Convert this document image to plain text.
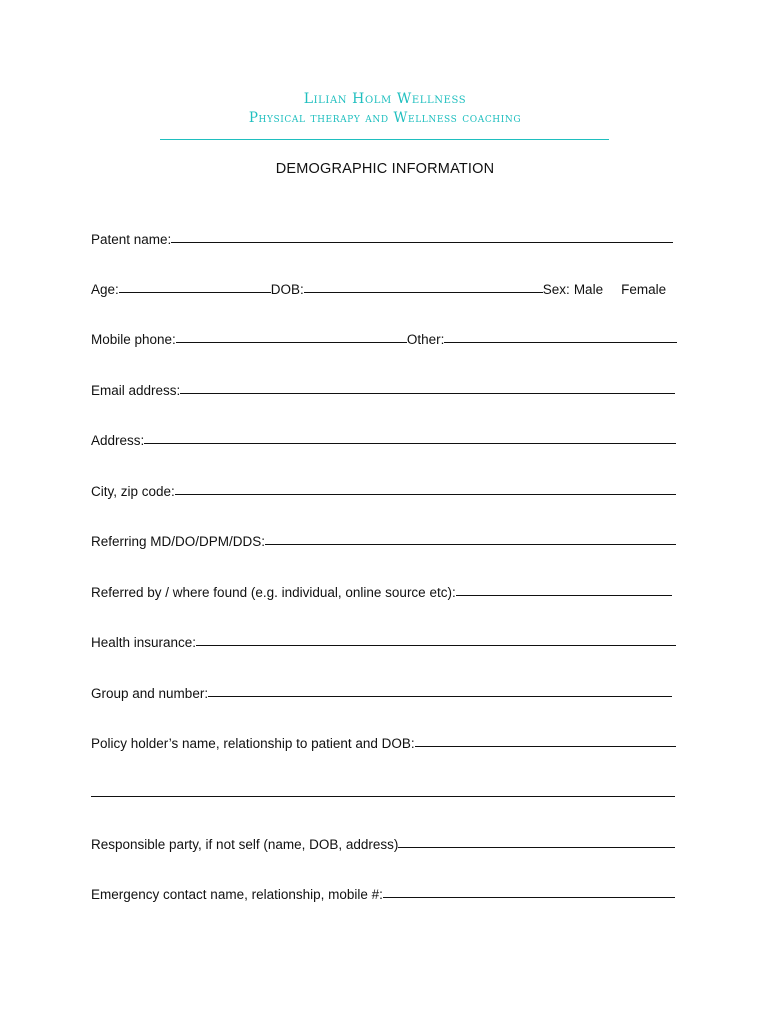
Lilian Holm Wellness
Physical therapy and Wellness coaching
DEMOGRAPHIC INFORMATION
Patent name:
Age:	DOB:	Sex: Male Female
Mobile phone:	Other:
Email address:
Address:
City, zip code:
Referring MD/DO/DPM/DDS:
Referred by / where found (e.g. individual, online source etc):
Health insurance:
Group and number:
Policy holder’s name, relationship to patient and DOB:
Responsible party, if not self (name, DOB, address)
Emergency contact name, relationship, mobile #:
